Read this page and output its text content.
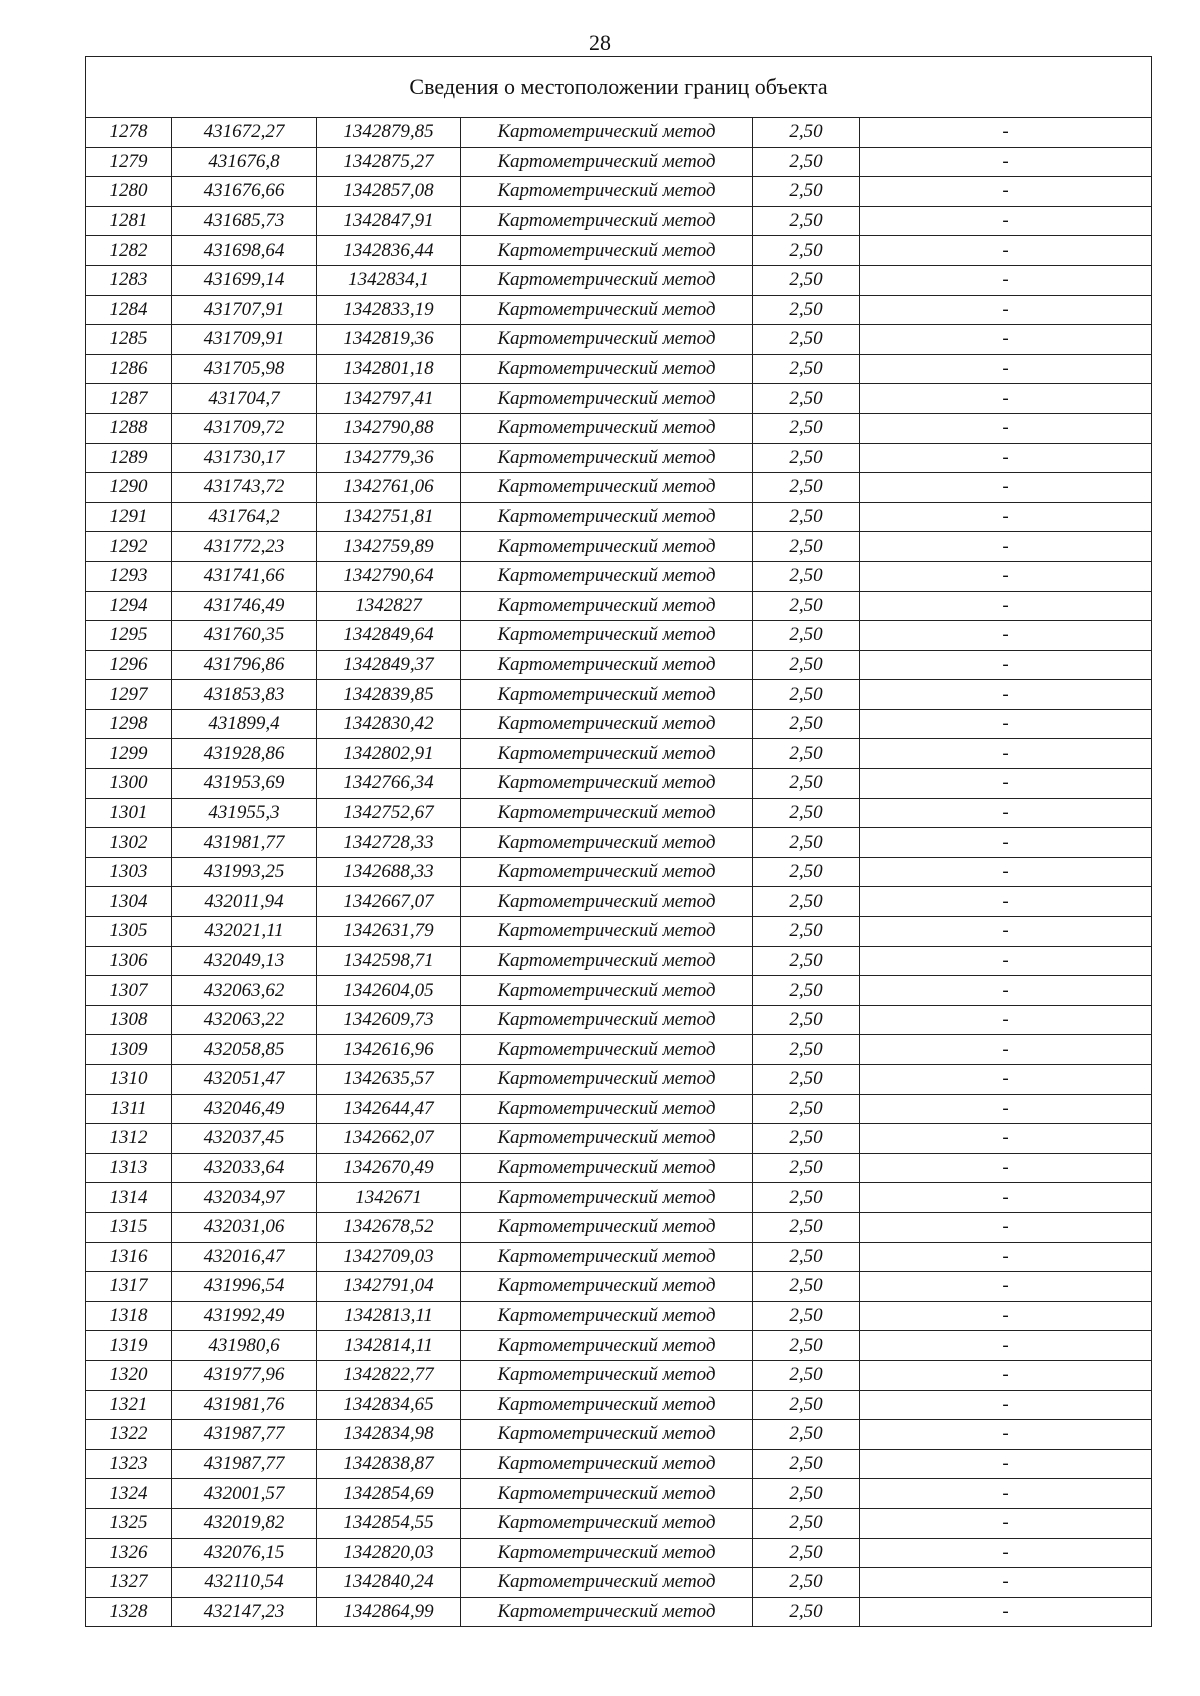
28
Сведения о местоположении границ объекта					
1278	431672,27	1342879,85	Картометрический метод	2,50	-
1279	431676,8	1342875,27	Картометрический метод	2,50	-
1280	431676,66	1342857,08	Картометрический метод	2,50	-
1281	431685,73	1342847,91	Картометрический метод	2,50	-
1282	431698,64	1342836,44	Картометрический метод	2,50	-
1283	431699,14	1342834,1	Картометрический метод	2,50	-
1284	431707,91	1342833,19	Картометрический метод	2,50	-
1285	431709,91	1342819,36	Картометрический метод	2,50	-
1286	431705,98	1342801,18	Картометрический метод	2,50	-
1287	431704,7	1342797,41	Картометрический метод	2,50	-
1288	431709,72	1342790,88	Картометрический метод	2,50	-
1289	431730,17	1342779,36	Картометрический метод	2,50	-
1290	431743,72	1342761,06	Картометрический метод	2,50	-
1291	431764,2	1342751,81	Картометрический метод	2,50	-
1292	431772,23	1342759,89	Картометрический метод	2,50	-
1293	431741,66	1342790,64	Картометрический метод	2,50	-
1294	431746,49	1342827	Картометрический метод	2,50	-
1295	431760,35	1342849,64	Картометрический метод	2,50	-
1296	431796,86	1342849,37	Картометрический метод	2,50	-
1297	431853,83	1342839,85	Картометрический метод	2,50	-
1298	431899,4	1342830,42	Картометрический метод	2,50	-
1299	431928,86	1342802,91	Картометрический метод	2,50	-
1300	431953,69	1342766,34	Картометрический метод	2,50	-
1301	431955,3	1342752,67	Картометрический метод	2,50	-
1302	431981,77	1342728,33	Картометрический метод	2,50	-
1303	431993,25	1342688,33	Картометрический метод	2,50	-
1304	432011,94	1342667,07	Картометрический метод	2,50	-
1305	432021,11	1342631,79	Картометрический метод	2,50	-
1306	432049,13	1342598,71	Картометрический метод	2,50	-
1307	432063,62	1342604,05	Картометрический метод	2,50	-
1308	432063,22	1342609,73	Картометрический метод	2,50	-
1309	432058,85	1342616,96	Картометрический метод	2,50	-
1310	432051,47	1342635,57	Картометрический метод	2,50	-
1311	432046,49	1342644,47	Картометрический метод	2,50	-
1312	432037,45	1342662,07	Картометрический метод	2,50	-
1313	432033,64	1342670,49	Картометрический метод	2,50	-
1314	432034,97	1342671	Картометрический метод	2,50	-
1315	432031,06	1342678,52	Картометрический метод	2,50	-
1316	432016,47	1342709,03	Картометрический метод	2,50	-
1317	431996,54	1342791,04	Картометрический метод	2,50	-
1318	431992,49	1342813,11	Картометрический метод	2,50	-
1319	431980,6	1342814,11	Картометрический метод	2,50	-
1320	431977,96	1342822,77	Картометрический метод	2,50	-
1321	431981,76	1342834,65	Картометрический метод	2,50	-
1322	431987,77	1342834,98	Картометрический метод	2,50	-
1323	431987,77	1342838,87	Картометрический метод	2,50	-
1324	432001,57	1342854,69	Картометрический метод	2,50	-
1325	432019,82	1342854,55	Картометрический метод	2,50	-
1326	432076,15	1342820,03	Картометрический метод	2,50	-
1327	432110,54	1342840,24	Картометрический метод	2,50	-
1328	432147,23	1342864,99	Картометрический метод	2,50	-
